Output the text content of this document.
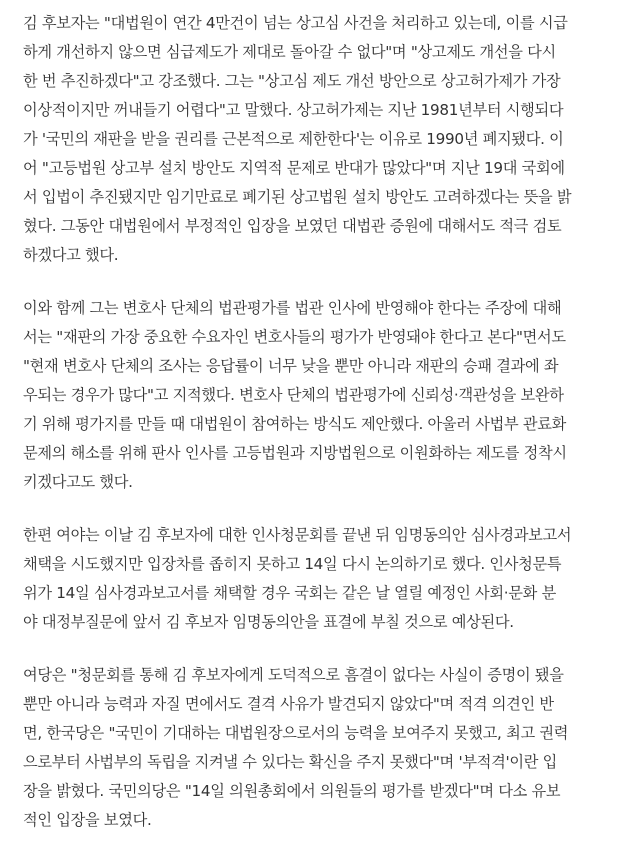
김 후보자는 "대법원이 연간 4만건이 넘는 상고심 사건을 처리하고 있는데, 이를 시급
하게 개선하지 않으면 심급제도가 제대로 돌아갈 수 없다"며 "상고제도 개선을 다시
한 번 추진하겠다"고 강조했다. 그는 "상고심 제도 개선 방안으로 상고허가제가 가장
이상적이지만 꺼내들기 어렵다"고 말했다. 상고허가제는 지난 1981년부터 시행되다
가 '국민의 재판을 받을 권리를 근본적으로 제한한다'는 이유로 1990년 폐지됐다. 이
어 "고등법원 상고부 설치 방안도 지역적 문제로 반대가 많았다"며 지난 19대 국회에
서 입법이 추진됐지만 임기만료로 폐기된 상고법원 설치 방안도 고려하겠다는 뜻을 밝
혔다. 그동안 대법원에서 부정적인 입장을 보였던 대법관 증원에 대해서도 적극 검토
하겠다고 했다.
이와 함께 그는 변호사 단체의 법관평가를 법관 인사에 반영해야 한다는 주장에 대해
서는 "재판의 가장 중요한 수요자인 변호사들의 평가가 반영돼야 한다고 본다"면서도
"현재 변호사 단체의 조사는 응답률이 너무 낮을 뿐만 아니라 재판의 승패 결과에 좌
우되는 경우가 많다"고 지적했다. 변호사 단체의 법관평가에 신뢰성·객관성을 보완하
기 위해 평가지를 만들 때 대법원이 참여하는 방식도 제안했다. 아울러 사법부 관료화
문제의 해소를 위해 판사 인사를 고등법원과 지방법원으로 이원화하는 제도를 정착시
키겠다고도 했다.
한편 여야는 이날 김 후보자에 대한 인사청문회를 끝낸 뒤 임명동의안 심사경과보고서
채택을 시도했지만 입장차를 좁히지 못하고 14일 다시 논의하기로 했다. 인사청문특
위가 14일 심사경과보고서를 채택할 경우 국회는 같은 날 열릴 예정인 사회·문화 분
야 대정부질문에 앞서 김 후보자 임명동의안을 표결에 부칠 것으로 예상된다.
여당은 "청문회를 통해 김 후보자에게 도덕적으로 흠결이 없다는 사실이 증명이 됐을
뿐만 아니라 능력과 자질 면에서도 결격 사유가 발견되지 않았다"며 적격 의견인 반
면, 한국당은 "국민이 기대하는 대법원장으로서의 능력을 보여주지 못했고, 최고 권력
으로부터 사법부의 독립을 지켜낼 수 있다는 확신을 주지 못했다"며 '부적격'이란 입
장을 밝혔다. 국민의당은 "14일 의원총회에서 의원들의 평가를 받겠다"며 다소 유보
적인 입장을 보였다.
